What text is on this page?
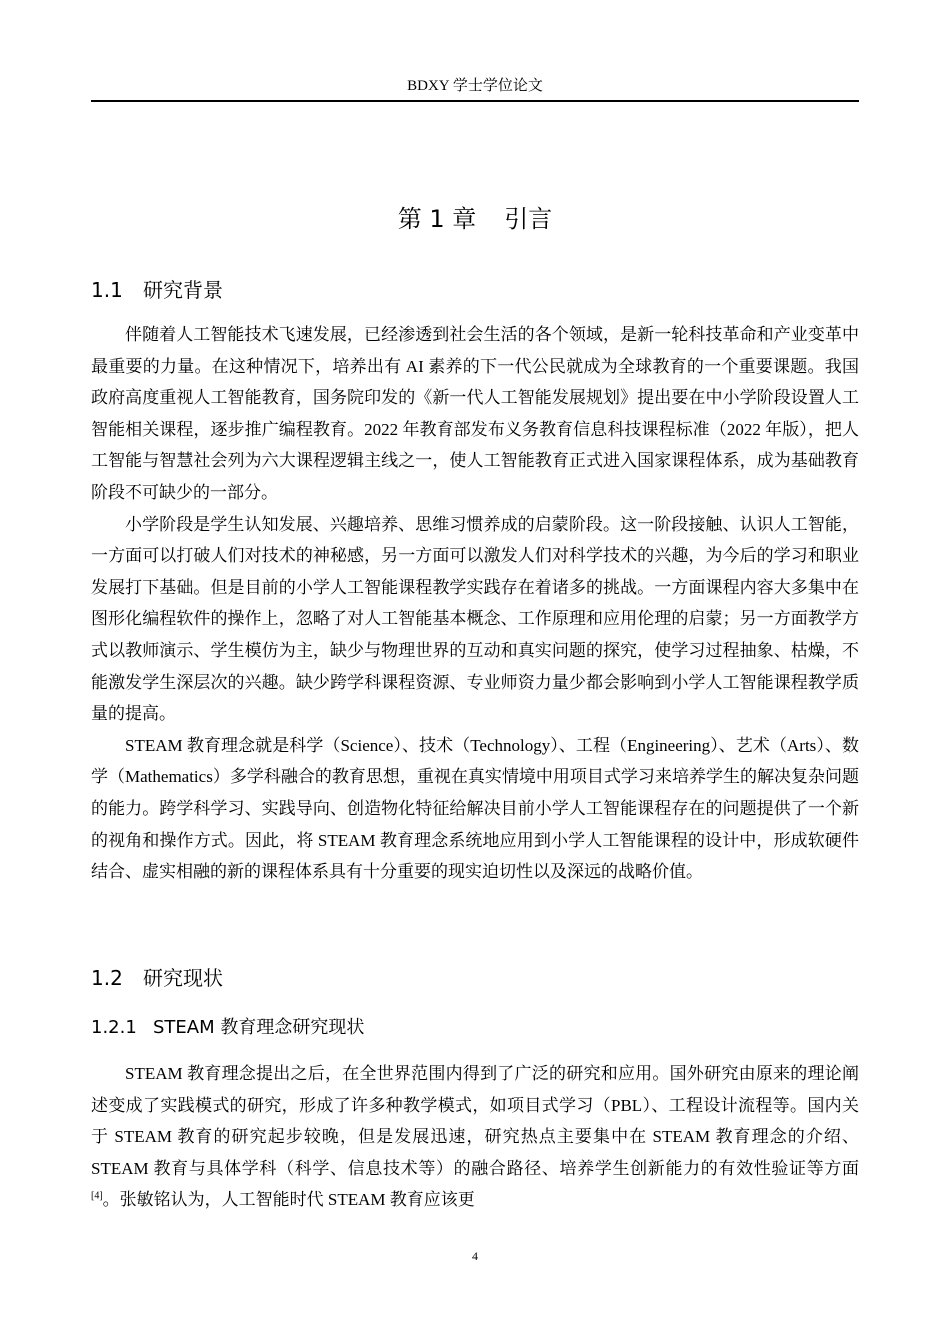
BDXY 学士学位论文
第 1 章 引言
1.1 研究背景

伴随着人工智能技术飞速发展，已经渗透到社会生活的各个领域，是新一轮科技革命和产业变革中最重要的力量。在这种情况下，培养出有 AI 素养的下一代公民就成为全球教育的一个重要课题。我国政府高度重视人工智能教育，国务院印发的《新一代人工智能发展规划》提出要在中小学阶段设置人工智能相关课程，逐步推广编程教育。2022 年教育部发布义务教育信息科技课程标准（2022 年版），把人工智能与智慧社会列为六大课程逻辑主线之一，使人工智能教育正式进入国家课程体系，成为基础教育阶段不可缺少的一部分。

小学阶段是学生认知发展、兴趣培养、思维习惯养成的启蒙阶段。这一阶段接触、认识人工智能，一方面可以打破人们对技术的神秘感，另一方面可以激发人们对科学技术的兴趣，为今后的学习和职业发展打下基础。但是目前的小学人工智能课程教学实践存在着诸多的挑战。一方面课程内容大多集中在图形化编程软件的操作上，忽略了对人工智能基本概念、工作原理和应用伦理的启蒙；另一方面教学方式以教师演示、学生模仿为主，缺少与物理世界的互动和真实问题的探究，使学习过程抽象、枯燥，不能激发学生深层次的兴趣。缺少跨学科课程资源、专业师资力量少都会影响到小学人工智能课程教学质量的提高。

STEAM 教育理念就是科学（Science）、技术（Technology）、工程（Engineering）、艺术（Arts）、数学（Mathematics）多学科融合的教育思想，重视在真实情境中用项目式学习来培养学生的解决复杂问题的能力。跨学科学习、实践导向、创造物化特征给解决目前小学人工智能课程存在的问题提供了一个新的视角和操作方式。因此，将 STEAM 教育理念系统地应用到小学人工智能课程的设计中，形成软硬件结合、虚实相融的新的课程体系具有十分重要的现实迫切性以及深远的战略价值。

1.2 研究现状
1.2.1 STEAM 教育理念研究现状

STEAM 教育理念提出之后，在全世界范围内得到了广泛的研究和应用。国外研究由原来的理论阐述变成了实践模式的研究，形成了许多种教学模式，如项目式学习（PBL）、工程设计流程等。国内关于 STEAM 教育的研究起步较晚，但是发展迅速，研究热点主要集中在 STEAM 教育理念的介绍、STEAM 教育与具体学科（科学、信息技术等）的融合路径、培养学生创新能力的有效性验证等方面[4]。张敏铭认为，人工智能时代 STEAM 教育应该更

4
